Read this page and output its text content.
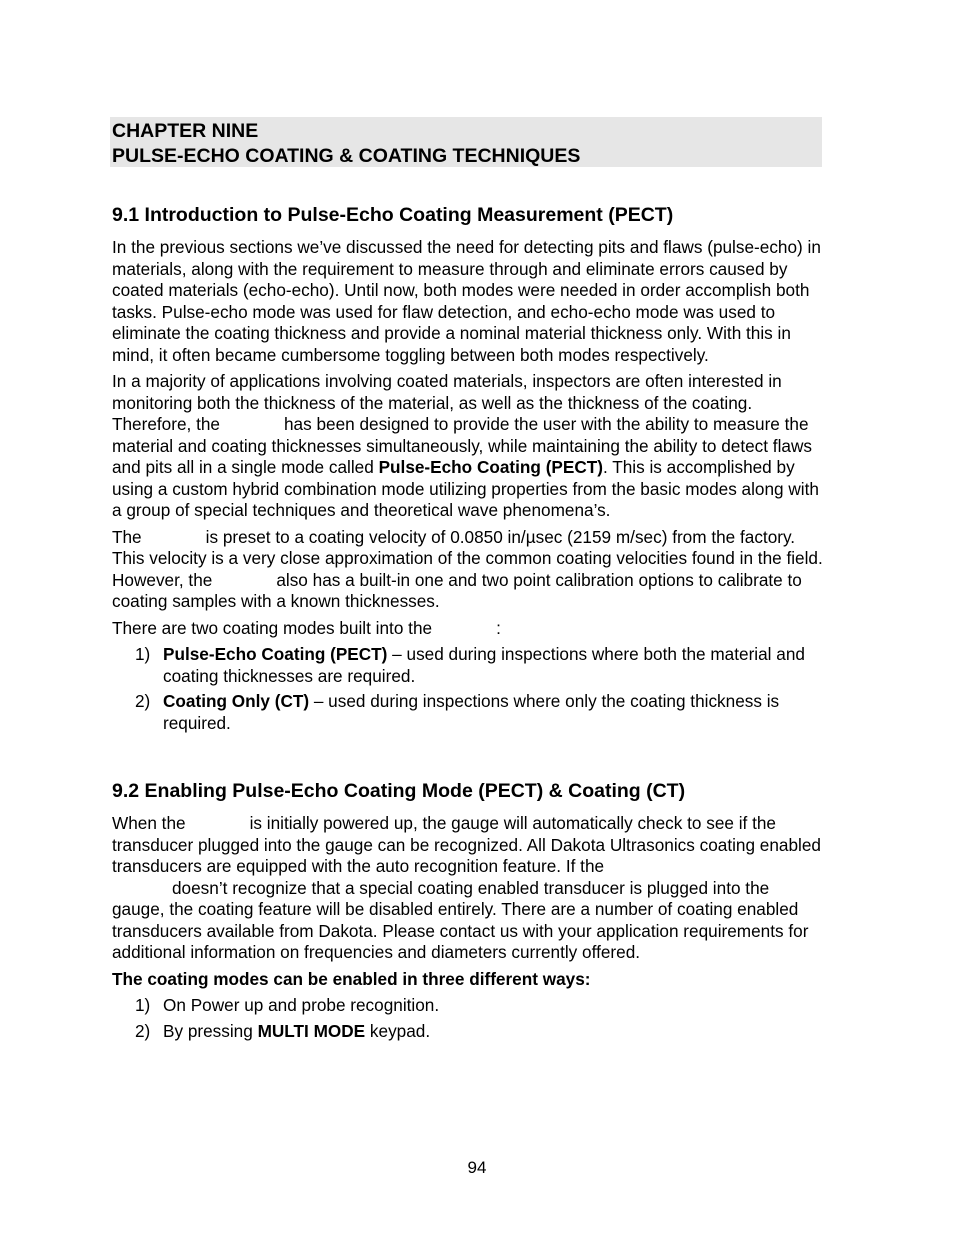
CHAPTER NINE
PULSE-ECHO COATING & COATING TECHNIQUES
9.1 Introduction to Pulse-Echo Coating Measurement (PECT)

In the previous sections we’ve discussed the need for detecting pits and flaws (pulse-echo) in materials, along with the requirement to measure through and eliminate errors caused by coated materials (echo-echo). Until now, both modes were needed in order accomplish both tasks. Pulse-echo mode was used for flaw detection, and echo-echo mode was used to eliminate the coating thickness and provide a nominal material thickness only. With this in mind, it often became cumbersome toggling between both modes respectively.

In a majority of applications involving coated materials, inspectors are often interested in monitoring both the thickness of the material, as well as the thickness of the coating. Therefore, the	has been designed to provide the user with the ability to measure the material and coating thicknesses simultaneously, while maintaining the ability to detect flaws and pits all in a single mode called Pulse-Echo Coating (PECT). This is accomplished by using a custom hybrid combination mode utilizing properties from the basic modes along with a group of special techniques and theoretical wave phenomena’s.

The	is preset to a coating velocity of 0.0850 in/µsec (2159 m/sec) from the factory. This velocity is a very close approximation of the common coating velocities found in the field. However, the	also has a built-in one and two point calibration options to calibrate to coating samples with a known thicknesses.

There are two coating modes built into the	:

1) Pulse-Echo Coating (PECT) – used during inspections where both the material and coating thicknesses are required.
2) Coating Only (CT) – used during inspections where only the coating thickness is required.
9.2 Enabling Pulse-Echo Coating Mode (PECT) & Coating (CT)

When the	is initially powered up, the gauge will automatically check to see if the transducer plugged into the gauge can be recognized. All Dakota Ultrasonics coating enabled transducers are equipped with the auto recognition feature. If the
doesn’t recognize that a special coating enabled transducer is plugged into the gauge, the coating feature will be disabled entirely. There are a number of coating enabled transducers available from Dakota. Please contact us with your application requirements for additional information on frequencies and diameters currently offered.

The coating modes can be enabled in three different ways:

1) On Power up and probe recognition.
2) By pressing MULTI MODE keypad.
94
